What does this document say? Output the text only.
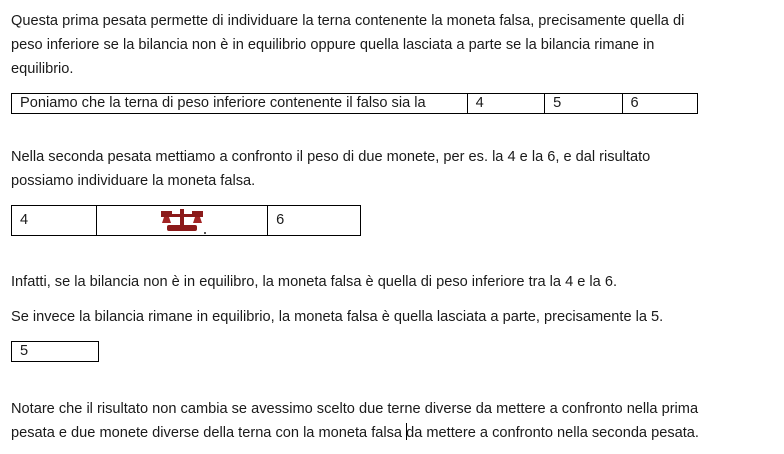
Questa prima pesata permette di individuare la terna contenente la moneta falsa, precisamente quella di
peso inferiore se la bilancia non è in equilibrio oppure quella lasciata a parte se la bilancia rimane in
equilibrio.

Poniamo che la terna di peso inferiore contenente il falso sia la	4	5	6

Nella seconda pesata mettiamo a confronto il peso di due monete, per es. la 4 e la 6, e dal risultato
possiamo individuare la moneta falsa.

4		6

Infatti, se la bilancia non è in equilibro, la moneta falsa è quella di peso inferiore tra la 4 e la 6.

Se invece la bilancia rimane in equilibrio, la moneta falsa è quella lasciata a parte, precisamente la 5.

5

Notare che il risultato non cambia se avessimo scelto due terne diverse da mettere a confronto nella prima
pesata e due monete diverse della terna con la moneta falsa da mettere a confronto nella seconda pesata.
